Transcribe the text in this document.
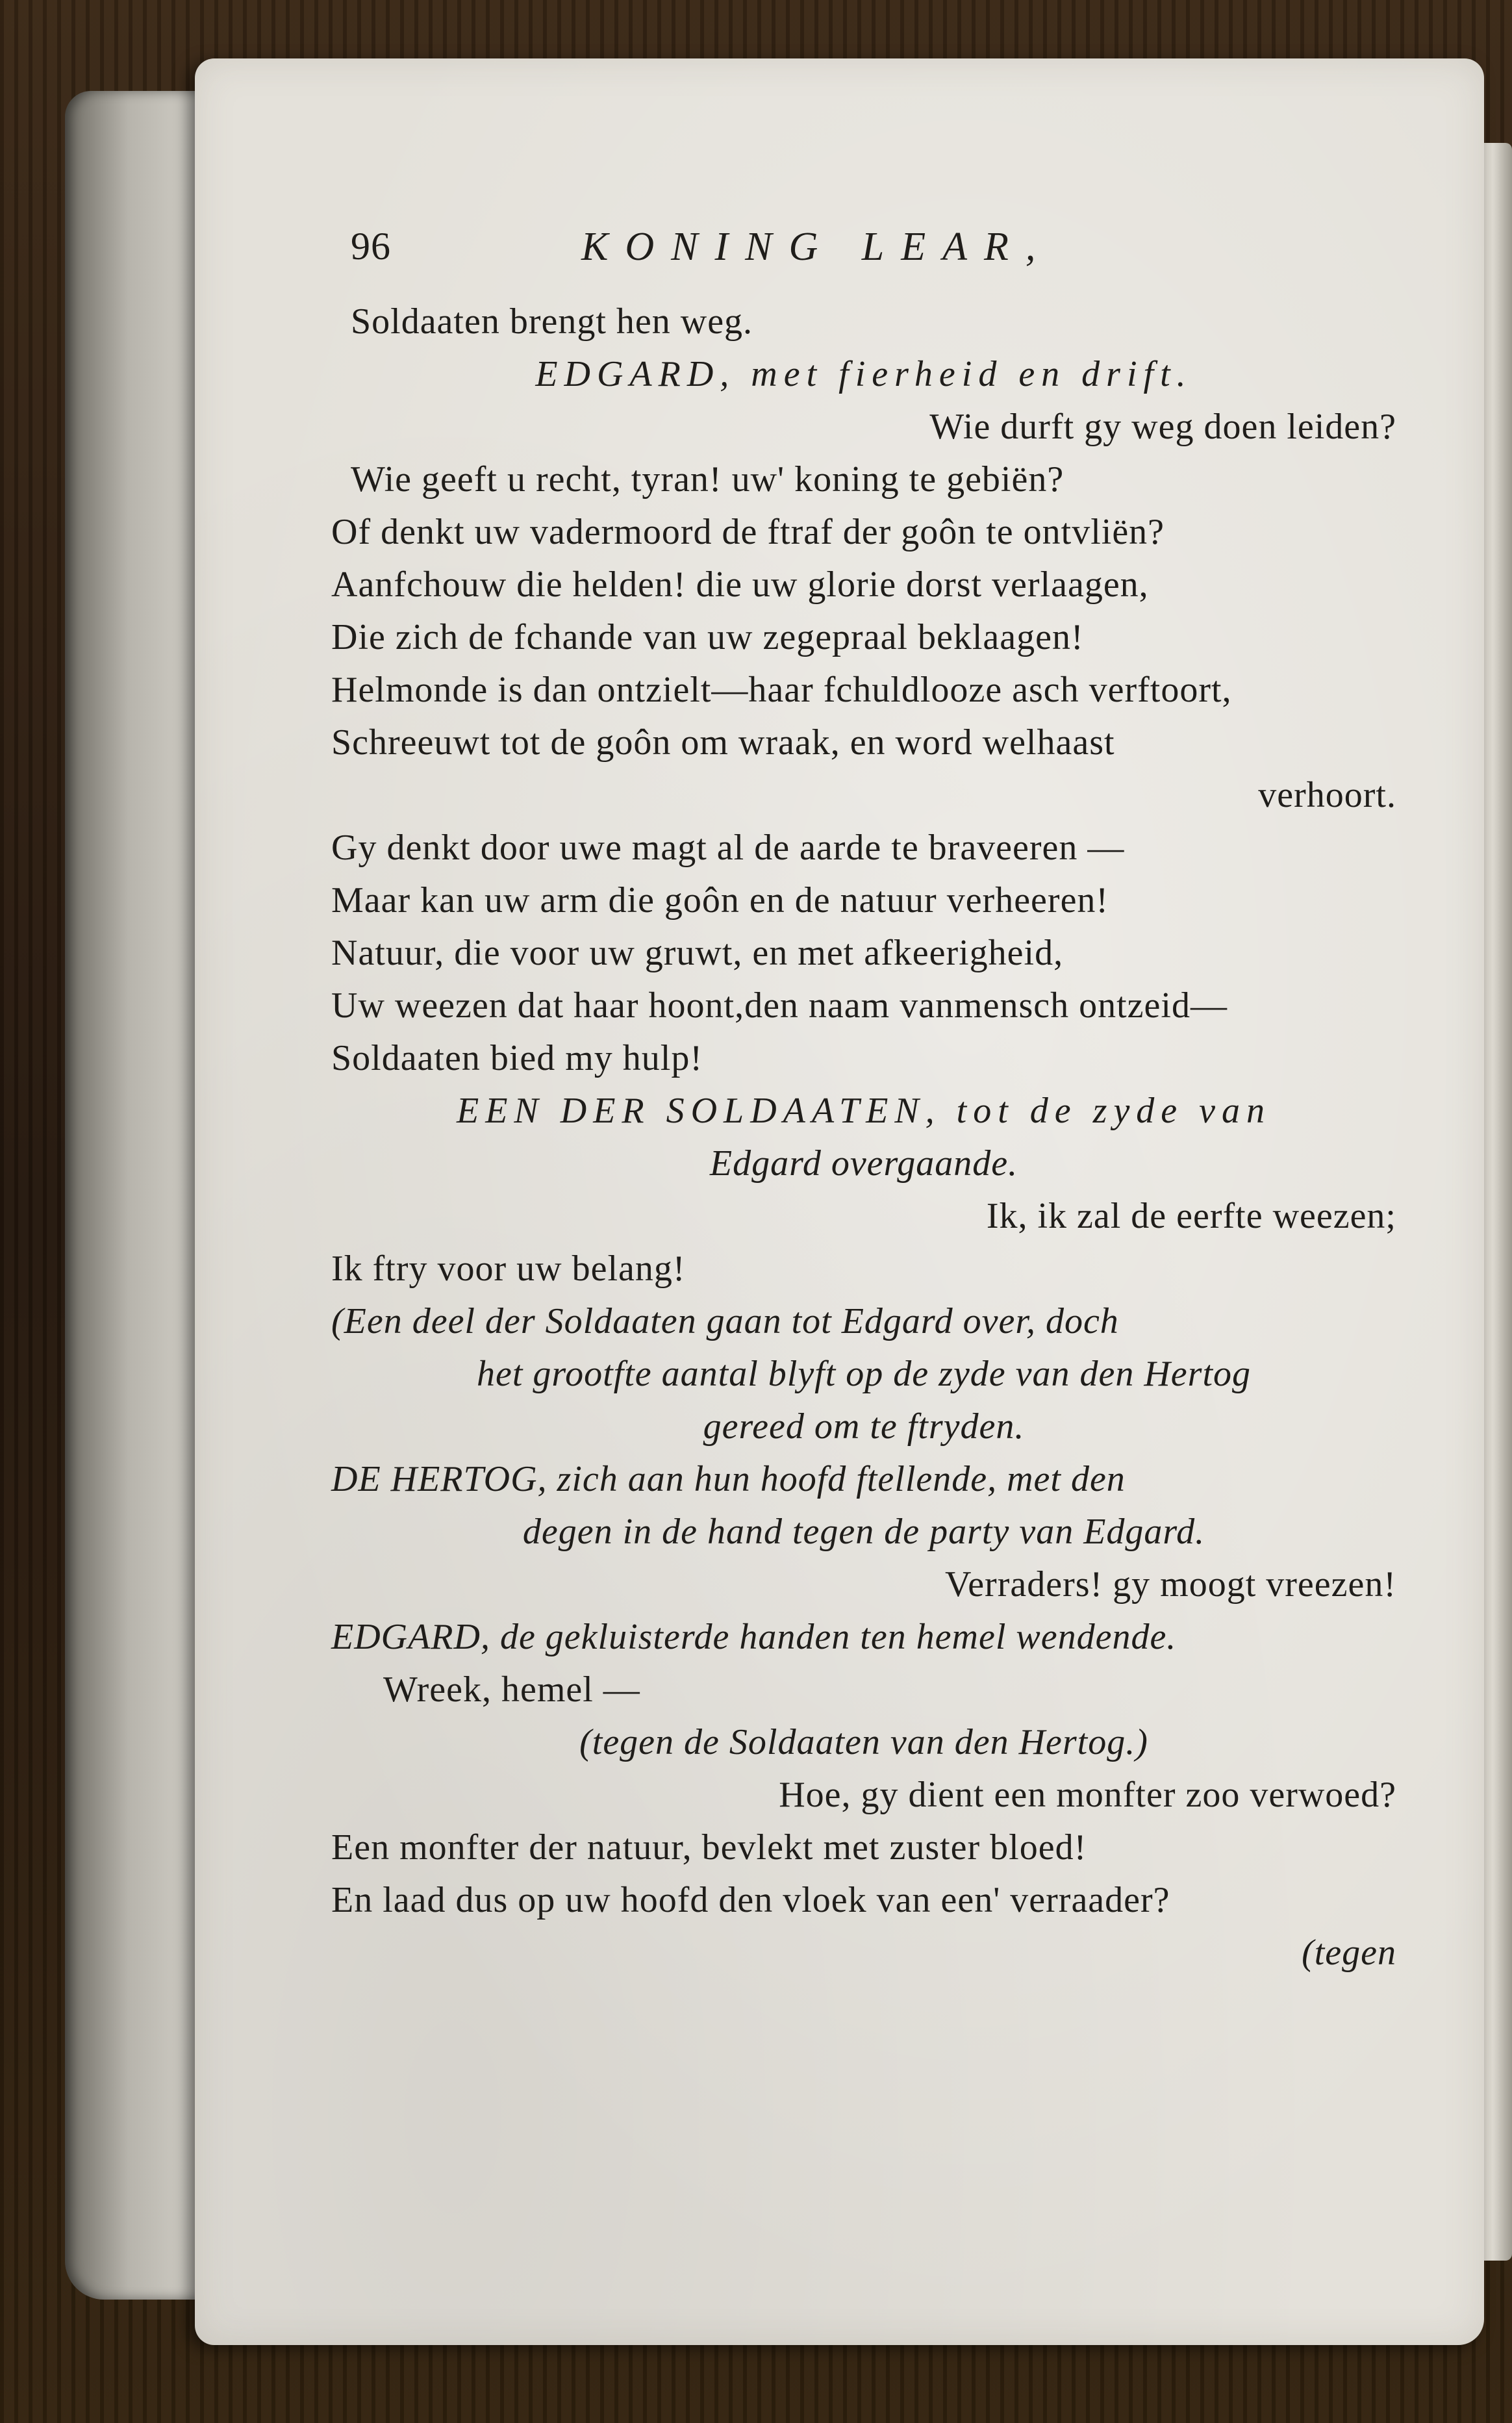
96	KONING LEAR,
Soldaaten brengt hen weg.
EDGARD, met fierheid en drift.
Wie durft gy weg doen leiden?
Wie geeft u recht, tyran! uw' koning te gebiën?
Of denkt uw vadermoord de ftraf der goôn te ontvliën?
Aanfchouw die helden! die uw glorie dorst verlaagen,
Die zich de fchande van uw zegepraal beklaagen!
Helmonde is dan ontzielt—haar fchuldlooze asch verftoort,
Schreeuwt tot de goôn om wraak, en word welhaast
verhoort.
Gy denkt door uwe magt al de aarde te braveeren —
Maar kan uw arm die goôn en de natuur verheeren!
Natuur, die voor uw gruwt, en met afkeerigheid,
Uw weezen dat haar hoont,den naam vanmensch ontzeid—
Soldaaten bied my hulp!
EEN DER SOLDAATEN, tot de zyde van
Edgard overgaande.
Ik, ik zal de eerfte weezen;
Ik ftry voor uw belang!
(Een deel der Soldaaten gaan tot Edgard over, doch
het grootfte aantal blyft op de zyde van den Hertog
gereed om te ftryden.
DE HERTOG, zich aan hun hoofd ftellende, met den
degen in de hand tegen de party van Edgard.
Verraders! gy moogt vreezen!
EDGARD, de gekluisterde handen ten hemel wendende.
Wreek, hemel —
(tegen de Soldaaten van den Hertog.)
Hoe, gy dient een monfter zoo verwoed?
Een monfter der natuur, bevlekt met zuster bloed!
En laad dus op uw hoofd den vloek van een' verraader?
(tegen
